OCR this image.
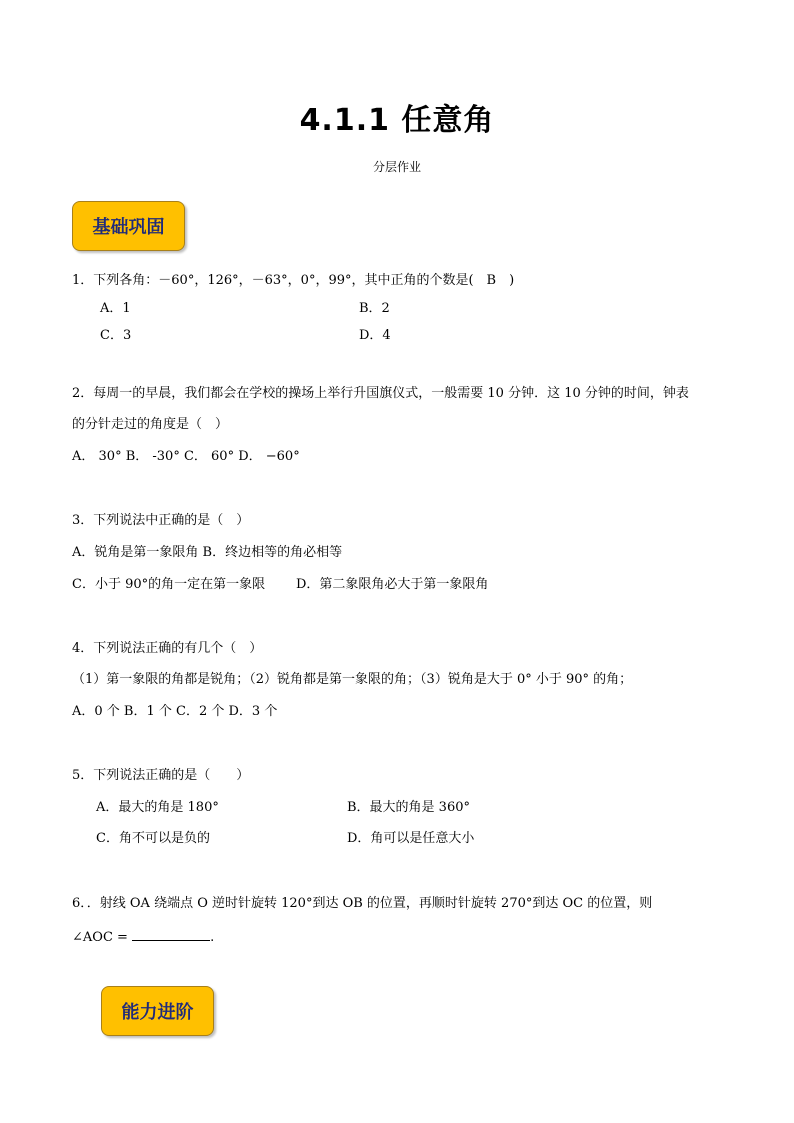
4.1.1 任意角
分层作业
基础巩固
1．下列各角：－60°，126°，－63°，0°，99°，其中正角的个数是(　B　)
A．1	B．2
C．3	D．4
2．每周一的早晨，我们都会在学校的操场上举行升国旗仪式，一般需要 10 分钟．这 10 分钟的时间，钟表
的分针走过的角度是（　）
A． 30° B． -30° C． 60° D． −60°
3．下列说法中正确的是（　）
A．锐角是第一象限角 B．终边相等的角必相等
C．小于 90°的角一定在第一象限 D．第二象限角必大于第一象限角
4．下列说法正确的有几个（　）
（1）第一象限的角都是锐角；（2）锐角都是第一象限的角；（3）锐角是大于 0° 小于 90° 的角；
A．0 个 B．1 个 C．2 个 D．3 个
5．下列说法正确的是（　　）
A．最大的角是 180°	B．最大的角是 360°
C．角不可以是负的	D．角可以是任意大小
6．．射线 OA 绕端点 O 逆时针旋转 120°到达 OB 的位置，再顺时针旋转 270°到达 OC 的位置，则
∠AOC =	.
能力进阶
